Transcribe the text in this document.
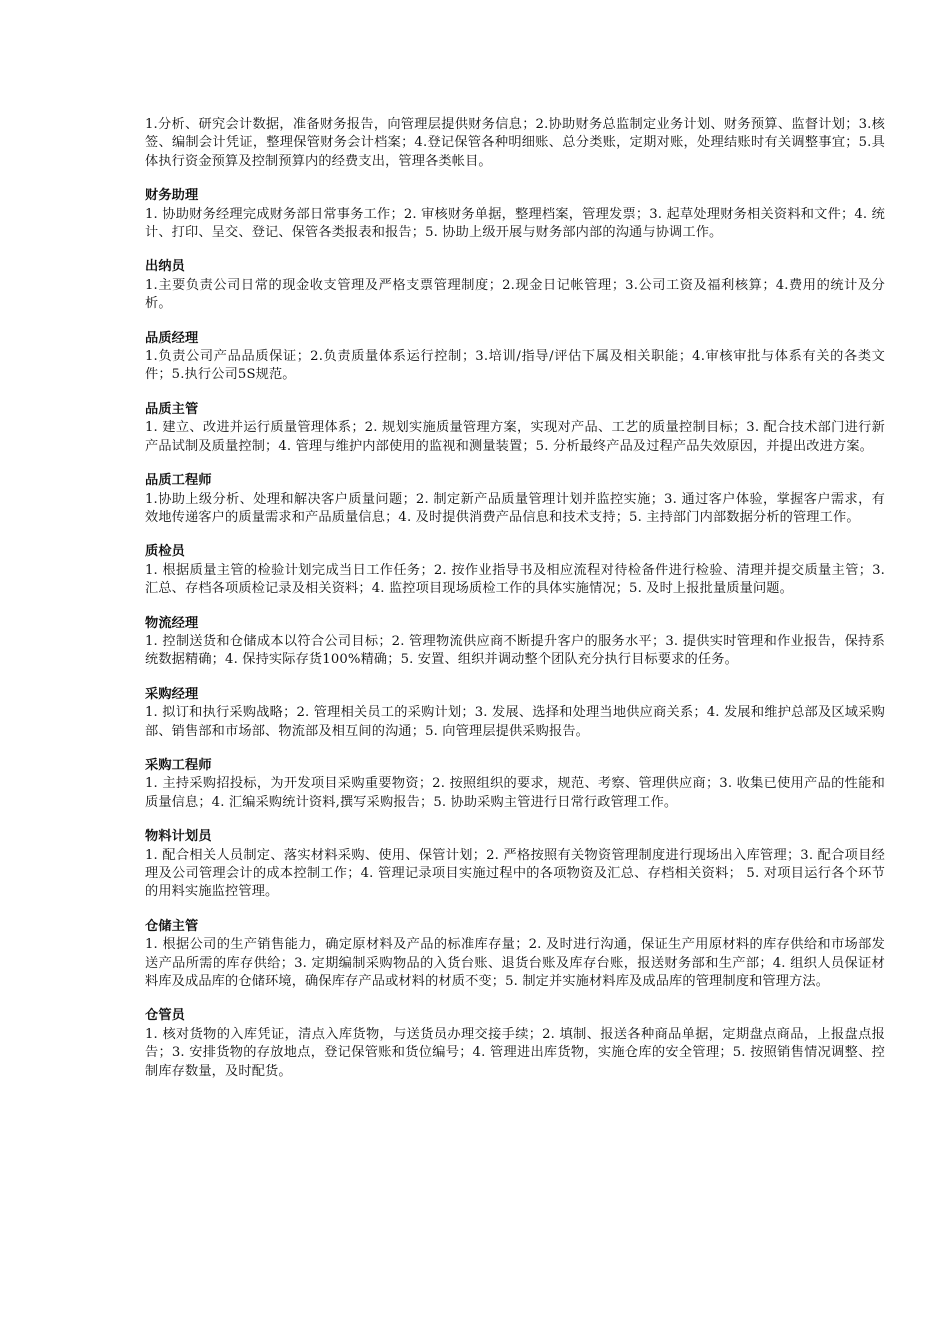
1.分析、研究会计数据，准备财务报告，向管理层提供财务信息；2.协助财务总监制定业务计划、财务预算、监督计划；3.核签、编制会计凭证，整理保管财务会计档案；4.登记保管各种明细账、总分类账，定期对账，处理结账时有关调整事宜；5.具体执行资金预算及控制预算内的经费支出，管理各类帐目。

财务助理

1. 协助财务经理完成财务部日常事务工作；2. 审核财务单据，整理档案，管理发票；3. 起草处理财务相关资料和文件；4. 统计、打印、呈交、登记、保管各类报表和报告；5. 协助上级开展与财务部内部的沟通与协调工作。

出纳员

1.主要负责公司日常的现金收支管理及严格支票管理制度；2.现金日记帐管理；3.公司工资及福利核算；4.费用的统计及分析。

品质经理

1.负责公司产品品质保证；2.负责质量体系运行控制；3.培训/指导/评估下属及相关职能；4.审核审批与体系有关的各类文件；5.执行公司5S规范。

品质主管

1. 建立、改进并运行质量管理体系；2. 规划实施质量管理方案，实现对产品、工艺的质量控制目标；3. 配合技术部门进行新产品试制及质量控制；4. 管理与维护内部使用的监视和测量装置；5. 分析最终产品及过程产品失效原因，并提出改进方案。

品质工程师

1.协助上级分析、处理和解决客户质量问题；2. 制定新产品质量管理计划并监控实施；3. 通过客户体验，掌握客户需求，有效地传递客户的质量需求和产品质量信息；4. 及时提供消费产品信息和技术支持；5. 主持部门内部数据分析的管理工作。

质检员

1. 根据质量主管的检验计划完成当日工作任务；2. 按作业指导书及相应流程对待检备件进行检验、清理并提交质量主管；3. 汇总、存档各项质检记录及相关资料；4. 监控项目现场质检工作的具体实施情况；5. 及时上报批量质量问题。

物流经理

1. 控制送货和仓储成本以符合公司目标；2. 管理物流供应商不断提升客户的服务水平；3. 提供实时管理和作业报告，保持系统数据精确；4. 保持实际存货100%精确；5. 安置、组织并调动整个团队充分执行目标要求的任务。

采购经理

1. 拟订和执行采购战略；2. 管理相关员工的采购计划；3. 发展、选择和处理当地供应商关系；4. 发展和维护总部及区域采购部、销售部和市场部、物流部及相互间的沟通；5. 向管理层提供采购报告。

采购工程师

1. 主持采购招投标，为开发项目采购重要物资；2. 按照组织的要求，规范、考察、管理供应商；3. 收集已使用产品的性能和质量信息；4. 汇编采购统计资料,撰写采购报告；5. 协助采购主管进行日常行政管理工作。

物料计划员

1. 配合相关人员制定、落实材料采购、使用、保管计划；2. 严格按照有关物资管理制度进行现场出入库管理；3. 配合项目经理及公司管理会计的成本控制工作；4. 管理记录项目实施过程中的各项物资及汇总、存档相关资料； 5. 对项目运行各个环节的用料实施监控管理。

仓储主管

1. 根据公司的生产销售能力，确定原材料及产品的标准库存量；2. 及时进行沟通，保证生产用原材料的库存供给和市场部发送产品所需的库存供给；3. 定期编制采购物品的入货台账、退货台账及库存台账，报送财务部和生产部；4. 组织人员保证材料库及成品库的仓储环境，确保库存产品或材料的材质不变；5. 制定并实施材料库及成品库的管理制度和管理方法。

仓管员

1. 核对货物的入库凭证，清点入库货物，与送货员办理交接手续；2. 填制、报送各种商品单据，定期盘点商品，上报盘点报告；3. 安排货物的存放地点，登记保管账和货位编号；4. 管理进出库货物，实施仓库的安全管理；5. 按照销售情况调整、控制库存数量，及时配货。
